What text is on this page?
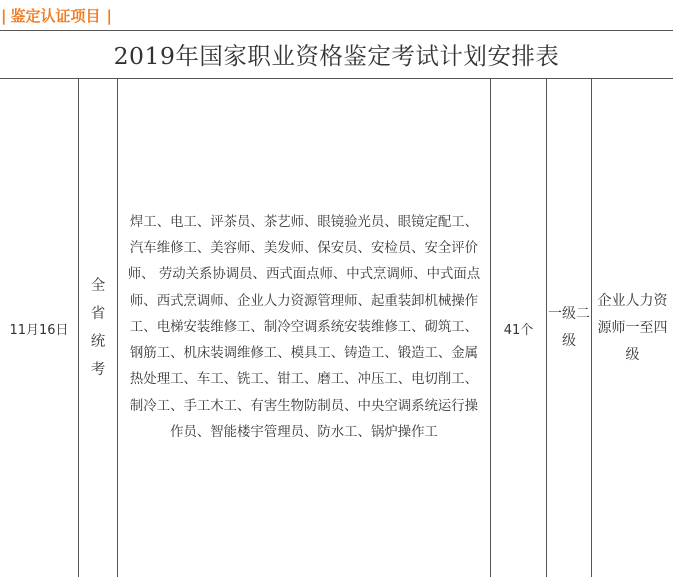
| 鉴定认证项目 |
2019年国家职业资格鉴定考试计划安排表
11月16日
全省统考
焊工、电工、评茶员、茶艺师、眼镜验光员、眼镜定配工、汽车维修工、美容师、美发师、保安员、安检员、安全评价师、 劳动关系协调员、西式面点师、中式烹调师、中式面点师、西式烹调师、企业人力资源管理师、起重装卸机械操作工、电梯安装维修工、制冷空调系统安装维修工、砌筑工、钢筋工、机床装调维修工、模具工、铸造工、锻造工、金属热处理工、车工、铣工、钳工、磨工、冲压工、电切削工、制冷工、手工木工、有害生物防制员、中央空调系统运行操作员、智能楼宇管理员、防水工、锅炉操作工
41个
一级二级
企业人力资源师一至四级
